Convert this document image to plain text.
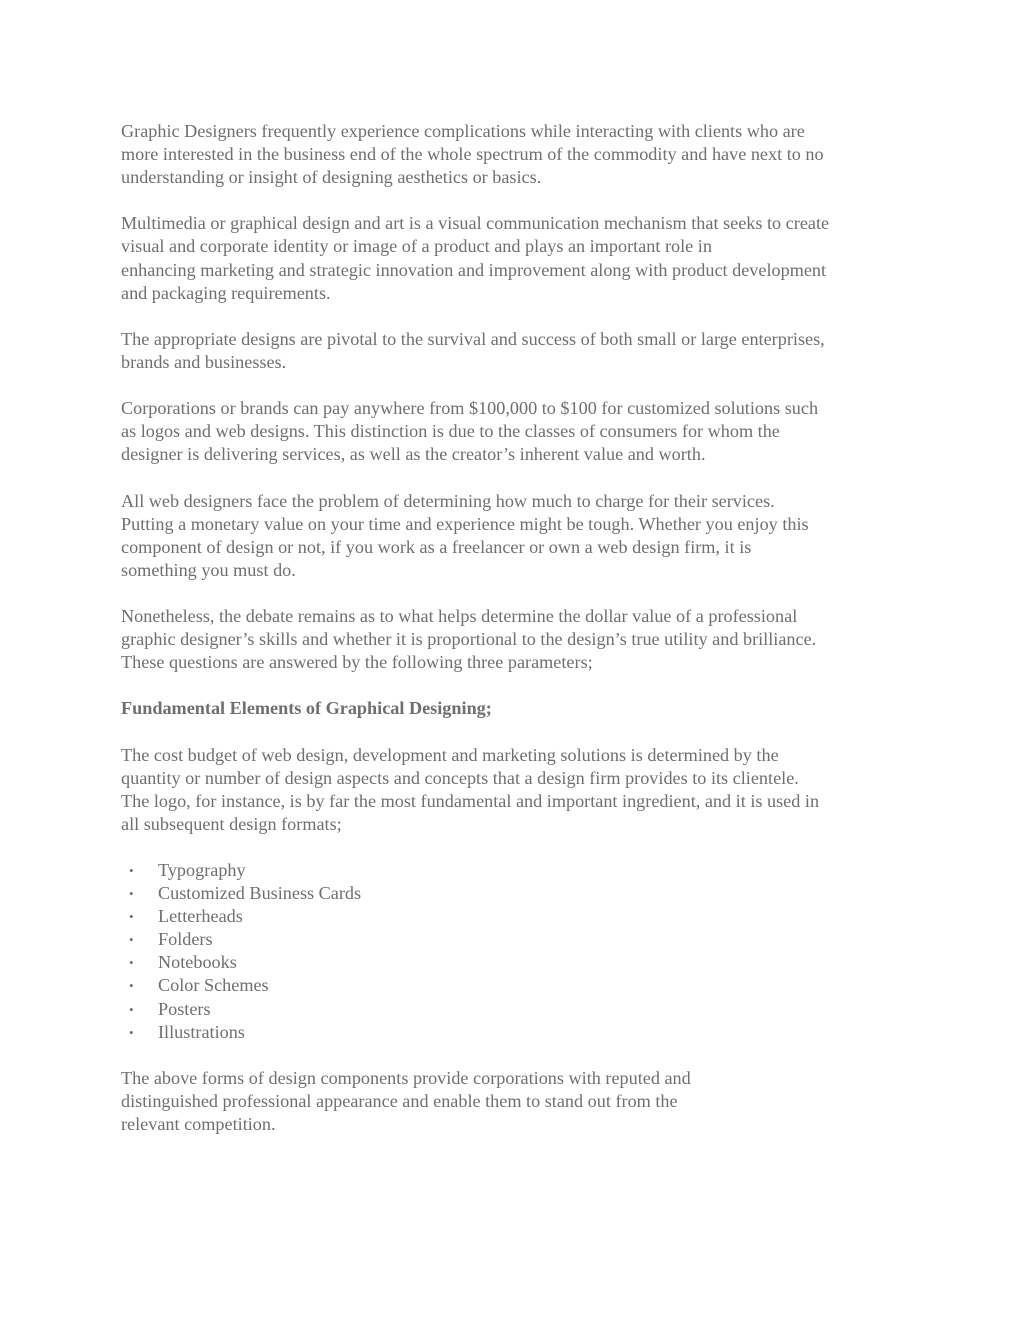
Graphic Designers frequently experience complications while interacting with clients who are
more interested in the business end of the whole spectrum of the commodity and have next to no
understanding or insight of designing aesthetics or basics.

Multimedia or graphical design and art is a visual communication mechanism that seeks to create
visual and corporate identity or image of a product and plays an important role in
enhancing marketing and strategic innovation and improvement along with product development
and packaging requirements.

The appropriate designs are pivotal to the survival and success of both small or large enterprises,
brands and businesses.

Corporations or brands can pay anywhere from $100,000 to $100 for customized solutions such
as logos and web designs. This distinction is due to the classes of consumers for whom the
designer is delivering services, as well as the creator’s inherent value and worth.

All web designers face the problem of determining how much to charge for their services.
Putting a monetary value on your time and experience might be tough. Whether you enjoy this
component of design or not, if you work as a freelancer or own a web design firm, it is
something you must do.

Nonetheless, the debate remains as to what helps determine the dollar value of a professional
graphic designer’s skills and whether it is proportional to the design’s true utility and brilliance.
These questions are answered by the following three parameters;

Fundamental Elements of Graphical Designing;

The cost budget of web design, development and marketing solutions is determined by the
quantity or number of design aspects and concepts that a design firm provides to its clientele.
The logo, for instance, is by far the most fundamental and important ingredient, and it is used in
all subsequent design formats;

• Typography
• Customized Business Cards
• Letterheads
• Folders
• Notebooks
• Color Schemes
• Posters
• Illustrations

The above forms of design components provide corporations with reputed and
distinguished professional appearance and enable them to stand out from the
relevant competition.
